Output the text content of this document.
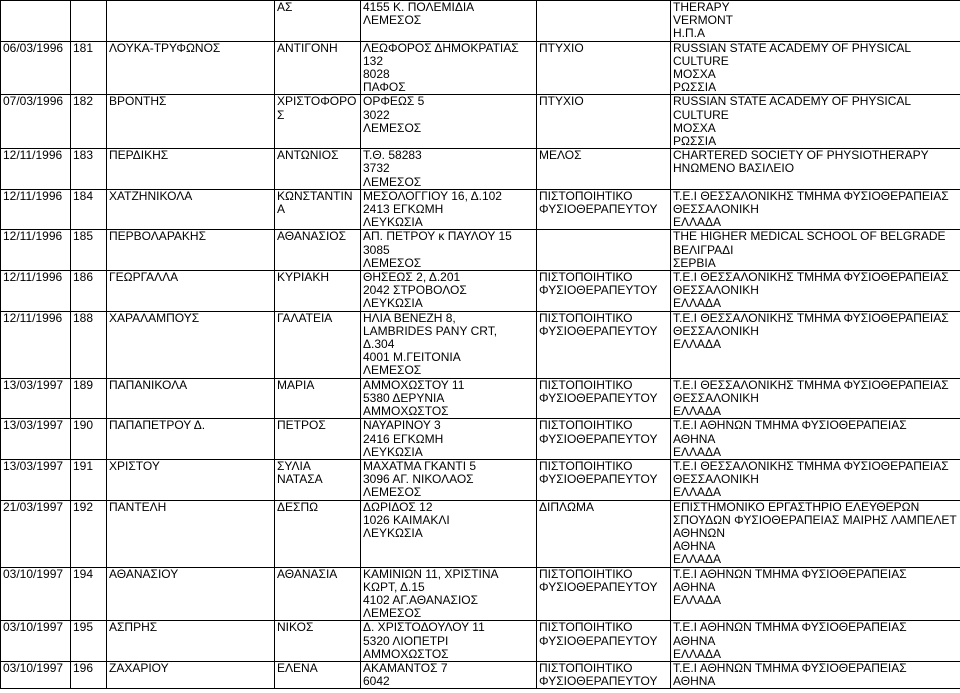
			ΑΣ	4155 Κ. ΠΟΛΕΜΙΔΙΑ
ΛΕΜΕΣΟΣ		THERAPY
VERMONT
Η.Π.Α
06/03/1996	181	ΛΟΥΚΑ-ΤΡΥΦΩΝΟΣ	ΑΝΤΙΓΟΝΗ	ΛΕΩΦΟΡΟΣ ΔΗΜΟΚΡΑΤΙΑΣ
132
8028
ΠΑΦΟΣ	ΠΤΥΧΙΟ	RUSSIAN STATE ACADEMY OF PHYSICAL
CULTURE
ΜΟΣΧΑ
ΡΩΣΣΙΑ
07/03/1996	182	ΒΡΟΝΤΗΣ	ΧΡΙΣΤΟΦΟΡΟ
Σ	ΟΡΦΕΩΣ 5
3022
ΛΕΜΕΣΟΣ	ΠΤΥΧΙΟ	RUSSIAN STATE ACADEMY OF PHYSICAL
CULTURE
ΜΟΣΧΑ
ΡΩΣΣΙΑ
12/11/1996	183	ΠΕΡΔΙΚΗΣ	ΑΝΤΩΝΙΟΣ	Τ.Θ. 58283
3732
ΛΕΜΕΣΟΣ	ΜΕΛΟΣ	CHARTERED SOCIETY OF PHYSIOTHERAPY
ΗΝΩΜΕΝΟ ΒΑΣΙΛΕΙΟ
12/11/1996	184	ΧΑΤΖΗΝΙΚΟΛΑ	ΚΩΝΣΤΑΝΤΙΝ
Α	ΜΕΣΟΛΟΓΓΙΟΥ 16, Δ.102
2413 ΕΓΚΩΜΗ
ΛΕΥΚΩΣΙΑ	ΠΙΣΤΟΠΟΙΗΤΙΚΟ
ΦΥΣΙΟΘΕΡΑΠΕΥΤΟΥ	Τ.Ε.Ι ΘΕΣΣΑΛΟΝΙΚΗΣ ΤΜΗΜΑ ΦΥΣΙΟΘΕΡΑΠΕΙΑΣ
ΘΕΣΣΑΛΟΝΙΚΗ
ΕΛΛΑΔΑ
12/11/1996	185	ΠΕΡΒΟΛΑΡΑΚΗΣ	ΑΘΑΝΑΣΙΟΣ	ΑΠ. ΠΕΤΡΟΥ κ ΠΑΥΛΟΥ 15
3085
ΛΕΜΕΣΟΣ		THE HIGHER MEDICAL SCHOOL OF BELGRADE
ΒΕΛΙΓΡΑΔΙ
ΣΕΡΒΙΑ
12/11/1996	186	ΓΕΩΡΓΑΛΛΑ	ΚΥΡΙΑΚΗ	ΘΗΣΕΩΣ 2, Δ.201
2042 ΣΤΡΟΒΟΛΟΣ
ΛΕΥΚΩΣΙΑ	ΠΙΣΤΟΠΟΙΗΤΙΚΟ
ΦΥΣΙΟΘΕΡΑΠΕΥΤΟΥ	Τ.Ε.Ι ΘΕΣΣΑΛΟΝΙΚΗΣ ΤΜΗΜΑ ΦΥΣΙΟΘΕΡΑΠΕΙΑΣ
ΘΕΣΣΑΛΟΝΙΚΗ
ΕΛΛΑΔΑ
12/11/1996	188	ΧΑΡΑΛΑΜΠΟΥΣ	ΓΑΛΑΤΕΙΑ	ΗΛΙΑ ΒΕΝΕΖΗ 8,
LAMBRIDES PANY CRT,
Δ.304
4001 Μ.ΓΕΙΤΟΝΙΑ
ΛΕΜΕΣΟΣ	ΠΙΣΤΟΠΟΙΗΤΙΚΟ
ΦΥΣΙΟΘΕΡΑΠΕΥΤΟΥ	Τ.Ε.Ι ΘΕΣΣΑΛΟΝΙΚΗΣ ΤΜΗΜΑ ΦΥΣΙΟΘΕΡΑΠΕΙΑΣ
ΘΕΣΣΑΛΟΝΙΚΗ
ΕΛΛΑΔΑ
13/03/1997	189	ΠΑΠΑΝΙΚΟΛΑ	ΜΑΡΙΑ	ΑΜΜΟΧΩΣΤΟΥ 11
5380 ΔΕΡΥΝΙΑ
ΑΜΜΟΧΩΣΤΟΣ	ΠΙΣΤΟΠΟΙΗΤΙΚΟ
ΦΥΣΙΟΘΕΡΑΠΕΥΤΟΥ	Τ.Ε.Ι ΘΕΣΣΑΛΟΝΙΚΗΣ ΤΜΗΜΑ ΦΥΣΙΟΘΕΡΑΠΕΙΑΣ
ΘΕΣΣΑΛΟΝΙΚΗ
ΕΛΛΑΔΑ
13/03/1997	190	ΠΑΠΑΠΕΤΡΟΥ Δ.	ΠΕΤΡΟΣ	ΝΑΥΑΡΙΝΟΥ 3
2416 ΕΓΚΩΜΗ
ΛΕΥΚΩΣΙΑ	ΠΙΣΤΟΠΟΙΗΤΙΚΟ
ΦΥΣΙΟΘΕΡΑΠΕΥΤΟΥ	Τ.Ε.Ι ΑΘΗΝΩΝ ΤΜΗΜΑ ΦΥΣΙΟΘΕΡΑΠΕΙΑΣ
ΑΘΗΝΑ
ΕΛΛΑΔΑ
13/03/1997	191	ΧΡΙΣΤΟΥ	ΣΥΛΙΑ
ΝΑΤΑΣΑ	ΜΑΧΑΤΜΑ ΓΚΑΝΤΙ 5
3096 ΑΓ. ΝΙΚΟΛΑΟΣ
ΛΕΜΕΣΟΣ	ΠΙΣΤΟΠΟΙΗΤΙΚΟ
ΦΥΣΙΟΘΕΡΑΠΕΥΤΟΥ	Τ.Ε.Ι ΘΕΣΣΑΛΟΝΙΚΗΣ ΤΜΗΜΑ ΦΥΣΙΟΘΕΡΑΠΕΙΑΣ
ΘΕΣΣΑΛΟΝΙΚΗ
ΕΛΛΑΔΑ
21/03/1997	192	ΠΑΝΤΕΛΗ	ΔΕΣΠΩ	ΔΩΡΙΔΟΣ 12
1026 ΚΑΙΜΑΚΛΙ
ΛΕΥΚΩΣΙΑ	ΔΙΠΛΩΜΑ	ΕΠΙΣΤΗΜΟΝΙΚΟ ΕΡΓΑΣΤΗΡΙΟ ΕΛΕΥΘΕΡΩΝ
ΣΠΟΥΔΩΝ ΦΥΣΙΟΘΕΡΑΠΕΙΑΣ ΜΑΙΡΗΣ ΛΑΜΠΕΛΕΤ
ΑΘΗΝΩΝ
ΑΘΗΝΑ
ΕΛΛΑΔΑ
03/10/1997	194	ΑΘΑΝΑΣΙΟΥ	ΑΘΑΝΑΣΙΑ	ΚΑΜΙΝΙΩΝ 11, ΧΡΙΣΤΙΝΑ
ΚΩΡΤ, Δ.15
4102 ΑΓ.ΑΘΑΝΑΣΙΟΣ
ΛΕΜΕΣΟΣ	ΠΙΣΤΟΠΟΙΗΤΙΚΟ
ΦΥΣΙΟΘΕΡΑΠΕΥΤΟΥ	Τ.Ε.Ι ΑΘΗΝΩΝ ΤΜΗΜΑ ΦΥΣΙΟΘΕΡΑΠΕΙΑΣ
ΑΘΗΝΑ
ΕΛΛΑΔΑ
03/10/1997	195	ΑΣΠΡΗΣ	ΝΙΚΟΣ	Δ. ΧΡΙΣΤΟΔΟΥΛΟΥ 11
5320 ΛΙΟΠΕΤΡΙ
ΑΜΜΟΧΩΣΤΟΣ	ΠΙΣΤΟΠΟΙΗΤΙΚΟ
ΦΥΣΙΟΘΕΡΑΠΕΥΤΟΥ	Τ.Ε.Ι ΑΘΗΝΩΝ ΤΜΗΜΑ ΦΥΣΙΟΘΕΡΑΠΕΙΑΣ
ΑΘΗΝΑ
ΕΛΛΑΔΑ
03/10/1997	196	ΖΑΧΑΡΙΟΥ	ΕΛΕΝΑ	ΑΚΑΜΑΝΤΟΣ 7
6042	ΠΙΣΤΟΠΟΙΗΤΙΚΟ
ΦΥΣΙΟΘΕΡΑΠΕΥΤΟΥ	Τ.Ε.Ι ΑΘΗΝΩΝ ΤΜΗΜΑ ΦΥΣΙΟΘΕΡΑΠΕΙΑΣ
ΑΘΗΝΑ
